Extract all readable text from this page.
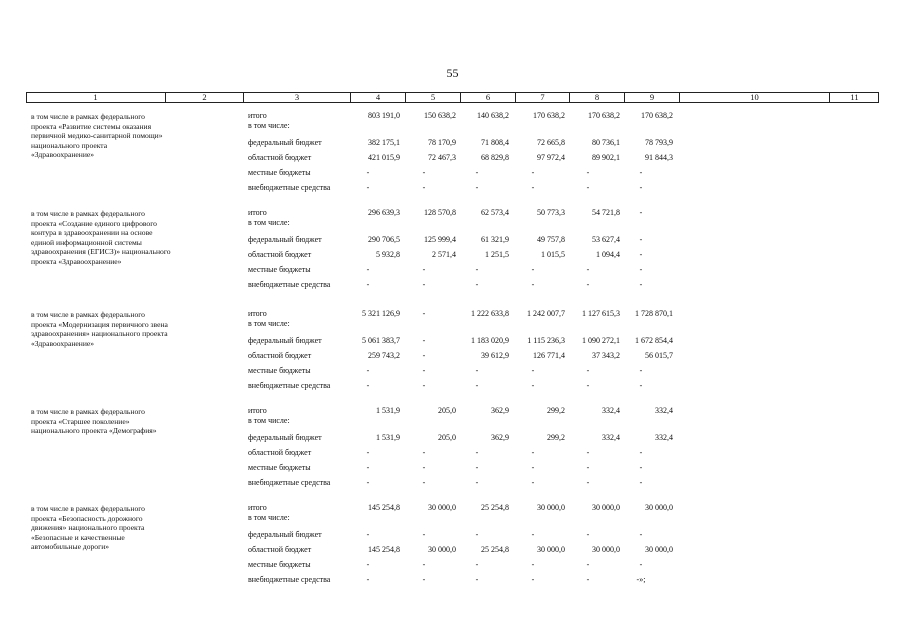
55
1	2	3	4	5	6	7	8	9	10	11
в том числе в рамках федерального проекта «Развитие системы оказания первичной медико-санитарной помощи» национального проекта «Здравоохранение»
итого	803 191,0	150 638,2	140 638,2	170 638,2	170 638,2	170 638,2
в том числе:
федеральный бюджет	382 175,1	78 170,9	71 808,4	72 665,8	80 736,1	78 793,9
областной бюджет	421 015,9	72 467,3	68 829,8	97 972,4	89 902,1	91 844,3
местные бюджеты	-	-	-	-	-	-
внебюджетные средства	-	-	-	-	-	-
в том числе в рамках федерального проекта «Создание единого цифрового контура в здравоохранении на основе единой информационной системы здравоохранения (ЕГИСЗ)» национального проекта «Здравоохранение»
итого	296 639,3	128 570,8	62 573,4	50 773,3	54 721,8	-
в том числе:
федеральный бюджет	290 706,5	125 999,4	61 321,9	49 757,8	53 627,4	-
областной бюджет	5 932,8	2 571,4	1 251,5	1 015,5	1 094,4	-
местные бюджеты	-	-	-	-	-	-
внебюджетные средства	-	-	-	-	-	-
в том числе в рамках федерального проекта «Модернизация первичного звена здравоохранения» национального проекта «Здравоохранение»
итого	5 321 126,9	-	1 222 633,8	1 242 007,7	1 127 615,3	1 728 870,1
в том числе:
федеральный бюджет	5 061 383,7	-	1 183 020,9	1 115 236,3	1 090 272,1	1 672 854,4
областной бюджет	259 743,2	-	39 612,9	126 771,4	37 343,2	56 015,7
местные бюджеты	-	-	-	-	-	-
внебюджетные средства	-	-	-	-	-	-
в том числе в рамках федерального проекта «Старшее поколение» национального проекта «Демография»
итого	1 531,9	205,0	362,9	299,2	332,4	332,4
в том числе:
федеральный бюджет	1 531,9	205,0	362,9	299,2	332,4	332,4
областной бюджет	-	-	-	-	-	-
местные бюджеты	-	-	-	-	-	-
внебюджетные средства	-	-	-	-	-	-
в том числе в рамках федерального проекта «Безопасность дорожного движения» национального проекта «Безопасные и качественные автомобильные дороги»
итого	145 254,8	30 000,0	25 254,8	30 000,0	30 000,0	30 000,0
в том числе:
федеральный бюджет	-	-	-	-	-	-
областной бюджет	145 254,8	30 000,0	25 254,8	30 000,0	30 000,0	30 000,0
местные бюджеты	-	-	-	-	-	-
внебюджетные средства	-	-	-	-	-	-»;
